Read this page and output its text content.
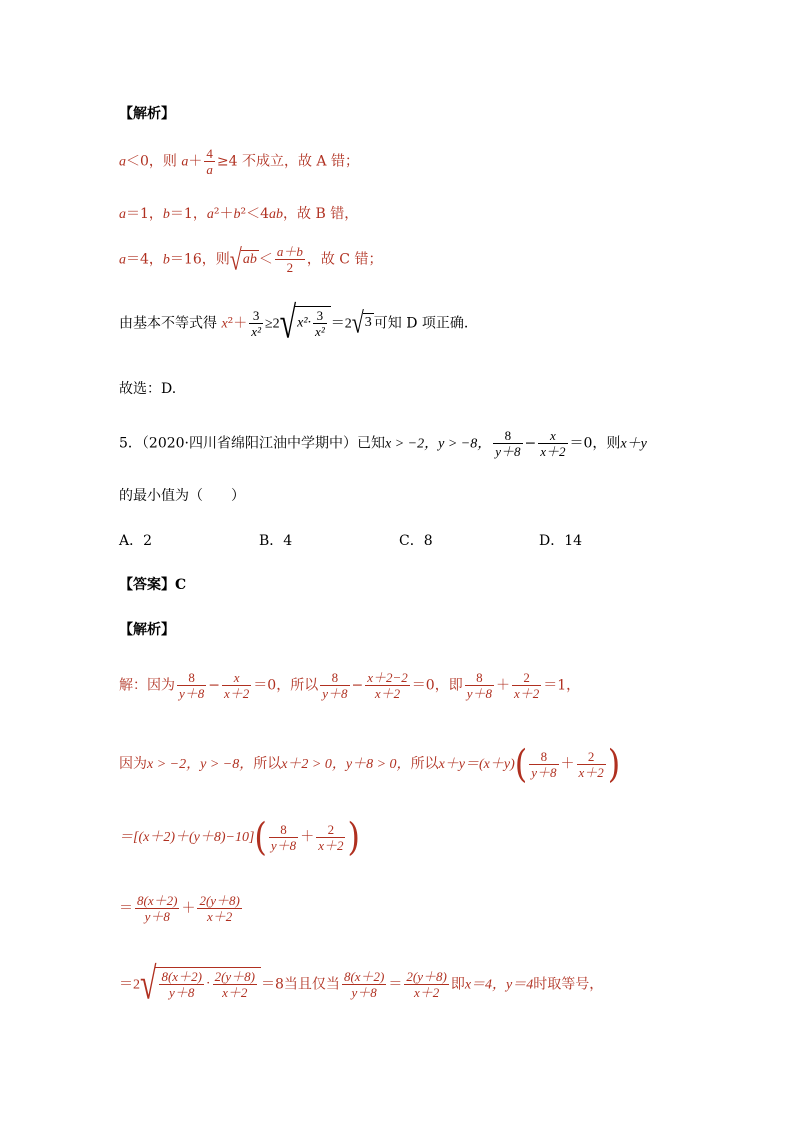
【解析】
a＜0，则 $a+ \frac{4}{a} \ge 4$ 不成立，故 A 错；
a＝1，b＝1，a²＋b²＜4ab，故 B 错，
a＝4，b＝16，则$√ab < \frac{a+b}{2}$ ，故 C 错；
由基本不等式得 $x^2+ \frac{3}{\text{x²}} \ge 2√x^2\cdot \frac{3}{\text{x²}} =2√3$ 可知 D 项正确.
故选：D.
5．（2020·四川省绵阳江油中学期中）已知x > −2，y > −8， $\frac{8}{y+8} - \frac{x}{x+2} =0$，则x＋y
的最小值为（　　）
A．2	B．4	C．8	D．14
【答案】C
【解析】
解：因为 $\frac{8}{y+8} - \frac{x}{x+2} =0$，所以 $\frac{8}{y+8} - \frac{x+2-2}{x+2} =0$，即 $\frac{8}{y+8} + \frac{2}{x+2} =1$，
因为x > −2，y > −8，所以x＋2 > 0，y＋8 > 0，所以$x+y=(x+y)( \frac{8}{y+8} + \frac{2}{x+2}$ )
$=[(x+2)+(y+8)-10]( \frac{8}{y+8} + \frac{2}{x+2}$ )
＝ $\frac{8(x+2)}{y+8} + \frac{2(y+8)}{x+2}$
$=2√ \frac{8(x+2)}{y+8} \cdot \frac{2(y+8)}{x+2} =8$当且仅当 $\frac{8(x+2)}{y+8} = \frac{2(y+8)}{x+2}$ 即x＝4，y＝4时取等号，
